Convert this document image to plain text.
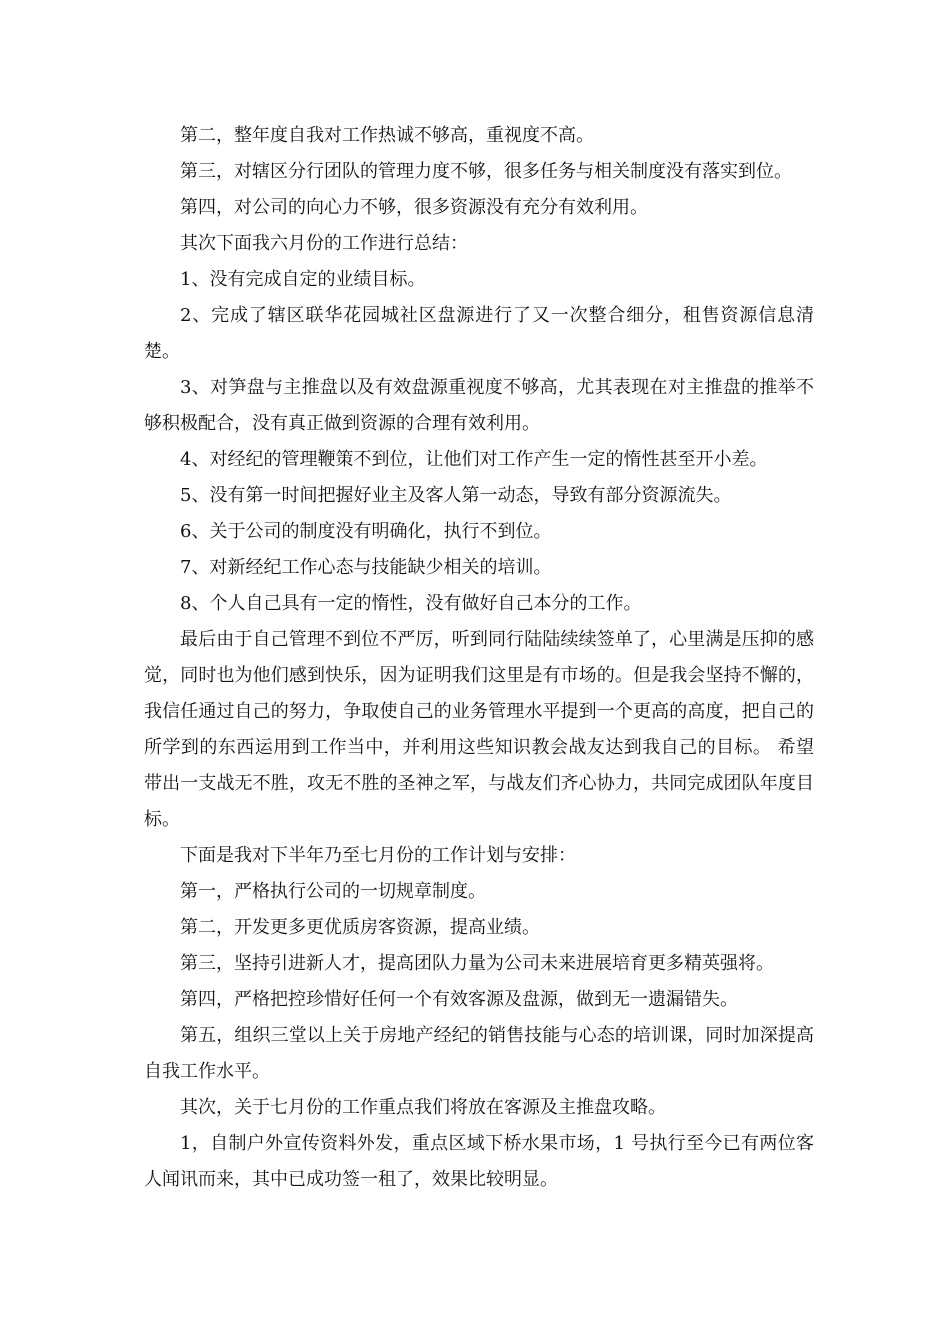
第二，整年度自我对工作热诚不够高，重视度不高。

第三，对辖区分行团队的管理力度不够，很多任务与相关制度没有落实到位。

第四，对公司的向心力不够，很多资源没有充分有效利用。

其次下面我六月份的工作进行总结：

1、没有完成自定的业绩目标。

2、完成了辖区联华花园城社区盘源进行了又一次整合细分，租售资源信息清楚。

3、对笋盘与主推盘以及有效盘源重视度不够高，尤其表现在对主推盘的推举不够积极配合，没有真正做到资源的合理有效利用。

4、对经纪的管理鞭策不到位，让他们对工作产生一定的惰性甚至开小差。

5、没有第一时间把握好业主及客人第一动态，导致有部分资源流失。

6、关于公司的制度没有明确化，执行不到位。

7、对新经纪工作心态与技能缺少相关的培训。

8、个人自己具有一定的惰性，没有做好自己本分的工作。

最后由于自己管理不到位不严厉，听到同行陆陆续续签单了，心里满是压抑的感觉，同时也为他们感到快乐，因为证明我们这里是有市场的。但是我会坚持不懈的，我信任通过自己的努力，争取使自己的业务管理水平提到一个更高的高度，把自己的所学到的东西运用到工作当中，并利用这些知识教会战友达到我自己的目标。 希望带出一支战无不胜，攻无不胜的圣神之军，与战友们齐心协力，共同完成团队年度目标。

下面是我对下半年乃至七月份的工作计划与安排：

第一，严格执行公司的一切规章制度。

第二，开发更多更优质房客资源，提高业绩。

第三，坚持引进新人才，提高团队力量为公司未来进展培育更多精英强将。

第四，严格把控珍惜好任何一个有效客源及盘源，做到无一遗漏错失。

第五，组织三堂以上关于房地产经纪的销售技能与心态的培训课，同时加深提高自我工作水平。

其次，关于七月份的工作重点我们将放在客源及主推盘攻略。

1，自制户外宣传资料外发，重点区域下桥水果市场，1 号执行至今已有两位客人闻讯而来，其中已成功签一租了，效果比较明显。
